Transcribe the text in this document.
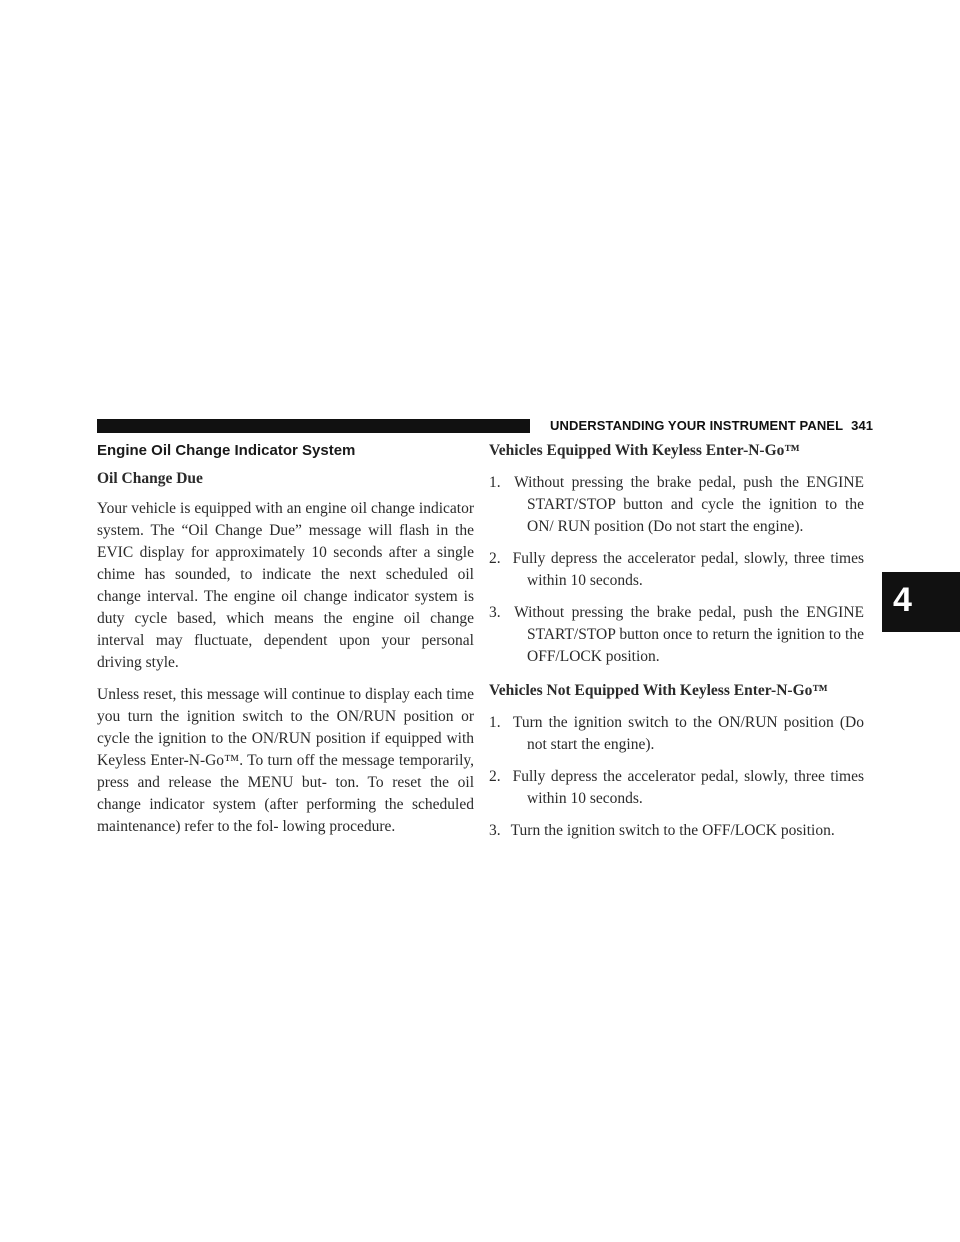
UNDERSTANDING YOUR INSTRUMENT PANEL 341
4
Engine Oil Change Indicator System
Oil Change Due

Your vehicle is equipped with an engine oil change indicator system. The “Oil Change Due” message will flash in the EVIC display for approximately 10 seconds after a single chime has sounded, to indicate the next scheduled oil change interval. The engine oil change indicator system is duty cycle based, which means the engine oil change interval may fluctuate, dependent upon your personal driving style.

Unless reset, this message will continue to display each time you turn the ignition switch to the ON/RUN position or cycle the ignition to the ON/RUN position if equipped with Keyless Enter-N-Go™. To turn off the message temporarily, press and release the MENU but- ton. To reset the oil change indicator system (after performing the scheduled maintenance) refer to the fol- lowing procedure.

Vehicles Equipped With Keyless Enter-N-Go™
1. Without pressing the brake pedal, push the ENGINE START/STOP button and cycle the ignition to the ON/ RUN position (Do not start the engine).
2. Fully depress the accelerator pedal, slowly, three times within 10 seconds.
3. Without pressing the brake pedal, push the ENGINE START/STOP button once to return the ignition to the OFF/LOCK position.
Vehicles Not Equipped With Keyless Enter-N-Go™
1. Turn the ignition switch to the ON/RUN position (Do not start the engine).
2. Fully depress the accelerator pedal, slowly, three times within 10 seconds.
3. Turn the ignition switch to the OFF/LOCK position.
